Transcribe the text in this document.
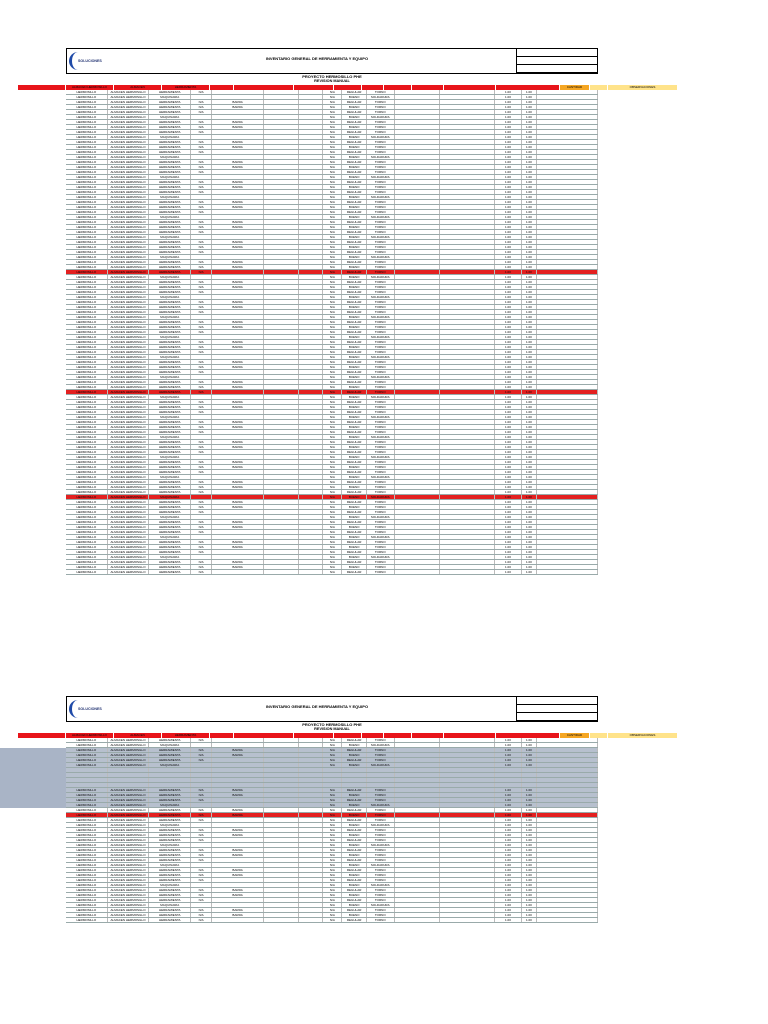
SOLUCIONES	INVENTARIO GENERAL DE HERRAMIENTA Y EQUIPO
PROYECTO HERMOSILLO PHE
REVISION MANUAL
ALMACEN HERMOSILLO	ALMACEN	HERRAMIENTA	CANTIDAD	OBSERVACIONES
HERMOSILLO	ALMACEN HERMOSILLO	HERRAMIENTA	N/A	N/A	REGULAR	TORNO	1.00	1.00
HERMOSILLO	ALMACEN HERMOSILLO	MAQUINARIA	N/A	BUENO	SOLDADURA	1.00	1.00
HERMOSILLO	ALMACEN HERMOSILLO	HERRAMIENTA	N/A	BARRA	N/A	REGULAR	TORNO	1.00	1.00
HERMOSILLO	ALMACEN HERMOSILLO	HERRAMIENTA	N/A	BARRA	N/A	BUENO	TORNO	1.00	1.00
HERMOSILLO	ALMACEN HERMOSILLO	HERRAMIENTA	N/A	N/A	REGULAR	TORNO	1.00	1.00
HERMOSILLO	ALMACEN HERMOSILLO	MAQUINARIA	N/A	BUENO	SOLDADURA	1.00	1.00
HERMOSILLO	ALMACEN HERMOSILLO	HERRAMIENTA	N/A	BARRA	N/A	REGULAR	TORNO	1.00	1.00
HERMOSILLO	ALMACEN HERMOSILLO	HERRAMIENTA	N/A	BARRA	N/A	BUENO	TORNO	1.00	1.00
HERMOSILLO	ALMACEN HERMOSILLO	HERRAMIENTA	N/A	N/A	REGULAR	TORNO	1.00	1.00
HERMOSILLO	ALMACEN HERMOSILLO	MAQUINARIA	N/A	BUENO	SOLDADURA	1.00	1.00
HERMOSILLO	ALMACEN HERMOSILLO	HERRAMIENTA	N/A	BARRA	N/A	REGULAR	TORNO	1.00	1.00
HERMOSILLO	ALMACEN HERMOSILLO	HERRAMIENTA	N/A	BARRA	N/A	BUENO	TORNO	1.00	1.00
HERMOSILLO	ALMACEN HERMOSILLO	HERRAMIENTA	N/A	N/A	REGULAR	TORNO	1.00	1.00
HERMOSILLO	ALMACEN HERMOSILLO	MAQUINARIA	N/A	BUENO	SOLDADURA	1.00	1.00
HERMOSILLO	ALMACEN HERMOSILLO	HERRAMIENTA	N/A	BARRA	N/A	REGULAR	TORNO	1.00	1.00
HERMOSILLO	ALMACEN HERMOSILLO	HERRAMIENTA	N/A	BARRA	N/A	BUENO	TORNO	1.00	1.00
HERMOSILLO	ALMACEN HERMOSILLO	HERRAMIENTA	N/A	N/A	REGULAR	TORNO	1.00	1.00
HERMOSILLO	ALMACEN HERMOSILLO	MAQUINARIA	N/A	BUENO	SOLDADURA	1.00	1.00
HERMOSILLO	ALMACEN HERMOSILLO	HERRAMIENTA	N/A	BARRA	N/A	REGULAR	TORNO	1.00	1.00
HERMOSILLO	ALMACEN HERMOSILLO	HERRAMIENTA	N/A	BARRA	N/A	BUENO	TORNO	1.00	1.00
HERMOSILLO	ALMACEN HERMOSILLO	HERRAMIENTA	N/A	N/A	REGULAR	TORNO	1.00	1.00
HERMOSILLO	ALMACEN HERMOSILLO	MAQUINARIA	N/A	BUENO	SOLDADURA	1.00	1.00
HERMOSILLO	ALMACEN HERMOSILLO	HERRAMIENTA	N/A	BARRA	N/A	REGULAR	TORNO	1.00	1.00
HERMOSILLO	ALMACEN HERMOSILLO	HERRAMIENTA	N/A	BARRA	N/A	BUENO	TORNO	1.00	1.00
HERMOSILLO	ALMACEN HERMOSILLO	HERRAMIENTA	N/A	N/A	REGULAR	TORNO	1.00	1.00
HERMOSILLO	ALMACEN HERMOSILLO	MAQUINARIA	N/A	BUENO	SOLDADURA	1.00	1.00
HERMOSILLO	ALMACEN HERMOSILLO	HERRAMIENTA	N/A	BARRA	N/A	REGULAR	TORNO	1.00	1.00
HERMOSILLO	ALMACEN HERMOSILLO	HERRAMIENTA	N/A	BARRA	N/A	BUENO	TORNO	1.00	1.00
HERMOSILLO	ALMACEN HERMOSILLO	HERRAMIENTA	N/A	N/A	REGULAR	TORNO	1.00	1.00
HERMOSILLO	ALMACEN HERMOSILLO	MAQUINARIA	N/A	BUENO	SOLDADURA	1.00	1.00
HERMOSILLO	ALMACEN HERMOSILLO	HERRAMIENTA	N/A	BARRA	N/A	REGULAR	TORNO	1.00	1.00
HERMOSILLO	ALMACEN HERMOSILLO	HERRAMIENTA	N/A	BARRA	N/A	BUENO	TORNO	1.00	1.00
HERMOSILLO	ALMACEN HERMOSILLO	HERRAMIENTA	N/A	N/A	REGULAR	TORNO	1.00	1.00
HERMOSILLO	ALMACEN HERMOSILLO	MAQUINARIA	N/A	BUENO	SOLDADURA	1.00	1.00
HERMOSILLO	ALMACEN HERMOSILLO	HERRAMIENTA	N/A	BARRA	N/A	REGULAR	TORNO	1.00	1.00
HERMOSILLO	ALMACEN HERMOSILLO	HERRAMIENTA	N/A	BARRA	N/A	BUENO	TORNO	1.00	1.00
HERMOSILLO	ALMACEN HERMOSILLO	HERRAMIENTA	N/A	N/A	REGULAR	TORNO	1.00	1.00
HERMOSILLO	ALMACEN HERMOSILLO	MAQUINARIA	N/A	BUENO	SOLDADURA	1.00	1.00
HERMOSILLO	ALMACEN HERMOSILLO	HERRAMIENTA	N/A	BARRA	N/A	REGULAR	TORNO	1.00	1.00
HERMOSILLO	ALMACEN HERMOSILLO	HERRAMIENTA	N/A	BARRA	N/A	BUENO	TORNO	1.00	1.00
HERMOSILLO	ALMACEN HERMOSILLO	HERRAMIENTA	N/A	N/A	REGULAR	TORNO	1.00	1.00
HERMOSILLO	ALMACEN HERMOSILLO	MAQUINARIA	N/A	BUENO	SOLDADURA	1.00	1.00
HERMOSILLO	ALMACEN HERMOSILLO	HERRAMIENTA	N/A	BARRA	N/A	REGULAR	TORNO	1.00	1.00
HERMOSILLO	ALMACEN HERMOSILLO	HERRAMIENTA	N/A	BARRA	N/A	BUENO	TORNO	1.00	1.00
HERMOSILLO	ALMACEN HERMOSILLO	HERRAMIENTA	N/A	N/A	REGULAR	TORNO	1.00	1.00
HERMOSILLO	ALMACEN HERMOSILLO	MAQUINARIA	N/A	BUENO	SOLDADURA	1.00	1.00
HERMOSILLO	ALMACEN HERMOSILLO	HERRAMIENTA	N/A	BARRA	N/A	REGULAR	TORNO	1.00	1.00
HERMOSILLO	ALMACEN HERMOSILLO	HERRAMIENTA	N/A	BARRA	N/A	BUENO	TORNO	1.00	1.00
HERMOSILLO	ALMACEN HERMOSILLO	HERRAMIENTA	N/A	N/A	REGULAR	TORNO	1.00	1.00
HERMOSILLO	ALMACEN HERMOSILLO	MAQUINARIA	N/A	BUENO	SOLDADURA	1.00	1.00
HERMOSILLO	ALMACEN HERMOSILLO	HERRAMIENTA	N/A	BARRA	N/A	REGULAR	TORNO	1.00	1.00
HERMOSILLO	ALMACEN HERMOSILLO	HERRAMIENTA	N/A	BARRA	N/A	BUENO	TORNO	1.00	1.00
HERMOSILLO	ALMACEN HERMOSILLO	HERRAMIENTA	N/A	N/A	REGULAR	TORNO	1.00	1.00
HERMOSILLO	ALMACEN HERMOSILLO	MAQUINARIA	N/A	BUENO	SOLDADURA	1.00	1.00
HERMOSILLO	ALMACEN HERMOSILLO	HERRAMIENTA	N/A	BARRA	N/A	REGULAR	TORNO	1.00	1.00
HERMOSILLO	ALMACEN HERMOSILLO	HERRAMIENTA	N/A	BARRA	N/A	BUENO	TORNO	1.00	1.00
HERMOSILLO	ALMACEN HERMOSILLO	HERRAMIENTA	N/A	N/A	REGULAR	TORNO	1.00	1.00
HERMOSILLO	ALMACEN HERMOSILLO	MAQUINARIA	N/A	BUENO	SOLDADURA	1.00	1.00
HERMOSILLO	ALMACEN HERMOSILLO	HERRAMIENTA	N/A	BARRA	N/A	REGULAR	TORNO	1.00	1.00
HERMOSILLO	ALMACEN HERMOSILLO	HERRAMIENTA	N/A	BARRA	N/A	BUENO	TORNO	1.00	1.00
HERMOSILLO	ALMACEN HERMOSILLO	HERRAMIENTA	N/A	N/A	REGULAR	TORNO	1.00	1.00
HERMOSILLO	ALMACEN HERMOSILLO	MAQUINARIA	N/A	BUENO	SOLDADURA	1.00	1.00
HERMOSILLO	ALMACEN HERMOSILLO	HERRAMIENTA	N/A	BARRA	N/A	REGULAR	TORNO	1.00	1.00
HERMOSILLO	ALMACEN HERMOSILLO	HERRAMIENTA	N/A	BARRA	N/A	BUENO	TORNO	1.00	1.00
HERMOSILLO	ALMACEN HERMOSILLO	HERRAMIENTA	N/A	N/A	REGULAR	TORNO	1.00	1.00
HERMOSILLO	ALMACEN HERMOSILLO	MAQUINARIA	N/A	BUENO	SOLDADURA	1.00	1.00
HERMOSILLO	ALMACEN HERMOSILLO	HERRAMIENTA	N/A	BARRA	N/A	REGULAR	TORNO	1.00	1.00
HERMOSILLO	ALMACEN HERMOSILLO	HERRAMIENTA	N/A	BARRA	N/A	BUENO	TORNO	1.00	1.00
HERMOSILLO	ALMACEN HERMOSILLO	HERRAMIENTA	N/A	N/A	REGULAR	TORNO	1.00	1.00
HERMOSILLO	ALMACEN HERMOSILLO	MAQUINARIA	N/A	BUENO	SOLDADURA	1.00	1.00
HERMOSILLO	ALMACEN HERMOSILLO	HERRAMIENTA	N/A	BARRA	N/A	REGULAR	TORNO	1.00	1.00
HERMOSILLO	ALMACEN HERMOSILLO	HERRAMIENTA	N/A	BARRA	N/A	BUENO	TORNO	1.00	1.00
HERMOSILLO	ALMACEN HERMOSILLO	HERRAMIENTA	N/A	N/A	REGULAR	TORNO	1.00	1.00
HERMOSILLO	ALMACEN HERMOSILLO	MAQUINARIA	N/A	BUENO	SOLDADURA	1.00	1.00
HERMOSILLO	ALMACEN HERMOSILLO	HERRAMIENTA	N/A	BARRA	N/A	REGULAR	TORNO	1.00	1.00
HERMOSILLO	ALMACEN HERMOSILLO	HERRAMIENTA	N/A	BARRA	N/A	BUENO	TORNO	1.00	1.00
HERMOSILLO	ALMACEN HERMOSILLO	HERRAMIENTA	N/A	N/A	REGULAR	TORNO	1.00	1.00
HERMOSILLO	ALMACEN HERMOSILLO	MAQUINARIA	N/A	BUENO	SOLDADURA	1.00	1.00
HERMOSILLO	ALMACEN HERMOSILLO	HERRAMIENTA	N/A	BARRA	N/A	REGULAR	TORNO	1.00	1.00
HERMOSILLO	ALMACEN HERMOSILLO	HERRAMIENTA	N/A	BARRA	N/A	BUENO	TORNO	1.00	1.00
HERMOSILLO	ALMACEN HERMOSILLO	HERRAMIENTA	N/A	N/A	REGULAR	TORNO	1.00	1.00
HERMOSILLO	ALMACEN HERMOSILLO	MAQUINARIA	N/A	BUENO	SOLDADURA	1.00	1.00
HERMOSILLO	ALMACEN HERMOSILLO	HERRAMIENTA	N/A	BARRA	N/A	REGULAR	TORNO	1.00	1.00
HERMOSILLO	ALMACEN HERMOSILLO	HERRAMIENTA	N/A	BARRA	N/A	BUENO	TORNO	1.00	1.00
HERMOSILLO	ALMACEN HERMOSILLO	HERRAMIENTA	N/A	N/A	REGULAR	TORNO	1.00	1.00
HERMOSILLO	ALMACEN HERMOSILLO	MAQUINARIA	N/A	BUENO	SOLDADURA	1.00	1.00
HERMOSILLO	ALMACEN HERMOSILLO	HERRAMIENTA	N/A	BARRA	N/A	REGULAR	TORNO	1.00	1.00
HERMOSILLO	ALMACEN HERMOSILLO	HERRAMIENTA	N/A	BARRA	N/A	BUENO	TORNO	1.00	1.00
HERMOSILLO	ALMACEN HERMOSILLO	HERRAMIENTA	N/A	N/A	REGULAR	TORNO	1.00	1.00
HERMOSILLO	ALMACEN HERMOSILLO	MAQUINARIA	N/A	BUENO	SOLDADURA	1.00	1.00
HERMOSILLO	ALMACEN HERMOSILLO	HERRAMIENTA	N/A	BARRA	N/A	REGULAR	TORNO	1.00	1.00
HERMOSILLO	ALMACEN HERMOSILLO	HERRAMIENTA	N/A	BARRA	N/A	BUENO	TORNO	1.00	1.00
HERMOSILLO	ALMACEN HERMOSILLO	HERRAMIENTA	N/A	N/A	REGULAR	TORNO	1.00	1.00
HERMOSILLO	ALMACEN HERMOSILLO	MAQUINARIA	N/A	BUENO	SOLDADURA	1.00	1.00
HERMOSILLO	ALMACEN HERMOSILLO	HERRAMIENTA	N/A	BARRA	N/A	REGULAR	TORNO	1.00	1.00
HERMOSILLO	ALMACEN HERMOSILLO	HERRAMIENTA	N/A	BARRA	N/A	BUENO	TORNO	1.00	1.00
HERMOSILLO	ALMACEN HERMOSILLO	HERRAMIENTA	N/A	N/A	REGULAR	TORNO	1.00	1.00
SOLUCIONES	INVENTARIO GENERAL DE HERRAMIENTA Y EQUIPO
PROYECTO HERMOSILLO PHE
REVISION MANUAL
ALMACEN HERMOSILLO	ALMACEN	HERRAMIENTA	CANTIDAD	OBSERVACIONES
HERMOSILLO	ALMACEN HERMOSILLO	HERRAMIENTA	N/A	N/A	REGULAR	TORNO	1.00	1.00
HERMOSILLO	ALMACEN HERMOSILLO	MAQUINARIA	N/A	BUENO	SOLDADURA	1.00	1.00
HERMOSILLO	ALMACEN HERMOSILLO	HERRAMIENTA	N/A	BARRA	N/A	REGULAR	TORNO	1.00	1.00
HERMOSILLO	ALMACEN HERMOSILLO	HERRAMIENTA	N/A	BARRA	N/A	BUENO	TORNO	1.00	1.00
HERMOSILLO	ALMACEN HERMOSILLO	HERRAMIENTA	N/A	N/A	REGULAR	TORNO	1.00	1.00
HERMOSILLO	ALMACEN HERMOSILLO	MAQUINARIA	N/A	BUENO	SOLDADURA	1.00	1.00
HERMOSILLO	ALMACEN HERMOSILLO	HERRAMIENTA	N/A	BARRA	N/A	REGULAR	TORNO	1.00	1.00
HERMOSILLO	ALMACEN HERMOSILLO	HERRAMIENTA	N/A	BARRA	N/A	BUENO	TORNO	1.00	1.00
HERMOSILLO	ALMACEN HERMOSILLO	HERRAMIENTA	N/A	N/A	REGULAR	TORNO	1.00	1.00
HERMOSILLO	ALMACEN HERMOSILLO	MAQUINARIA	N/A	BUENO	SOLDADURA	1.00	1.00
HERMOSILLO	ALMACEN HERMOSILLO	HERRAMIENTA	N/A	BARRA	N/A	REGULAR	TORNO	1.00	1.00
HERMOSILLO	ALMACEN HERMOSILLO	HERRAMIENTA	N/A	BARRA	N/A	BUENO	TORNO	1.00	1.00
HERMOSILLO	ALMACEN HERMOSILLO	HERRAMIENTA	N/A	N/A	REGULAR	TORNO	1.00	1.00
HERMOSILLO	ALMACEN HERMOSILLO	MAQUINARIA	N/A	BUENO	SOLDADURA	1.00	1.00
HERMOSILLO	ALMACEN HERMOSILLO	HERRAMIENTA	N/A	BARRA	N/A	REGULAR	TORNO	1.00	1.00
HERMOSILLO	ALMACEN HERMOSILLO	HERRAMIENTA	N/A	BARRA	N/A	BUENO	TORNO	1.00	1.00
HERMOSILLO	ALMACEN HERMOSILLO	HERRAMIENTA	N/A	N/A	REGULAR	TORNO	1.00	1.00
HERMOSILLO	ALMACEN HERMOSILLO	MAQUINARIA	N/A	BUENO	SOLDADURA	1.00	1.00
HERMOSILLO	ALMACEN HERMOSILLO	HERRAMIENTA	N/A	BARRA	N/A	REGULAR	TORNO	1.00	1.00
HERMOSILLO	ALMACEN HERMOSILLO	HERRAMIENTA	N/A	BARRA	N/A	BUENO	TORNO	1.00	1.00
HERMOSILLO	ALMACEN HERMOSILLO	HERRAMIENTA	N/A	N/A	REGULAR	TORNO	1.00	1.00
HERMOSILLO	ALMACEN HERMOSILLO	MAQUINARIA	N/A	BUENO	SOLDADURA	1.00	1.00
HERMOSILLO	ALMACEN HERMOSILLO	HERRAMIENTA	N/A	BARRA	N/A	REGULAR	TORNO	1.00	1.00
HERMOSILLO	ALMACEN HERMOSILLO	HERRAMIENTA	N/A	BARRA	N/A	BUENO	TORNO	1.00	1.00
HERMOSILLO	ALMACEN HERMOSILLO	HERRAMIENTA	N/A	N/A	REGULAR	TORNO	1.00	1.00
HERMOSILLO	ALMACEN HERMOSILLO	MAQUINARIA	N/A	BUENO	SOLDADURA	1.00	1.00
HERMOSILLO	ALMACEN HERMOSILLO	HERRAMIENTA	N/A	BARRA	N/A	REGULAR	TORNO	1.00	1.00
HERMOSILLO	ALMACEN HERMOSILLO	HERRAMIENTA	N/A	BARRA	N/A	BUENO	TORNO	1.00	1.00
HERMOSILLO	ALMACEN HERMOSILLO	HERRAMIENTA	N/A	N/A	REGULAR	TORNO	1.00	1.00
HERMOSILLO	ALMACEN HERMOSILLO	MAQUINARIA	N/A	BUENO	SOLDADURA	1.00	1.00
HERMOSILLO	ALMACEN HERMOSILLO	HERRAMIENTA	N/A	BARRA	N/A	REGULAR	TORNO	1.00	1.00
HERMOSILLO	ALMACEN HERMOSILLO	HERRAMIENTA	N/A	BARRA	N/A	BUENO	TORNO	1.00	1.00
HERMOSILLO	ALMACEN HERMOSILLO	HERRAMIENTA	N/A	N/A	REGULAR	TORNO	1.00	1.00
